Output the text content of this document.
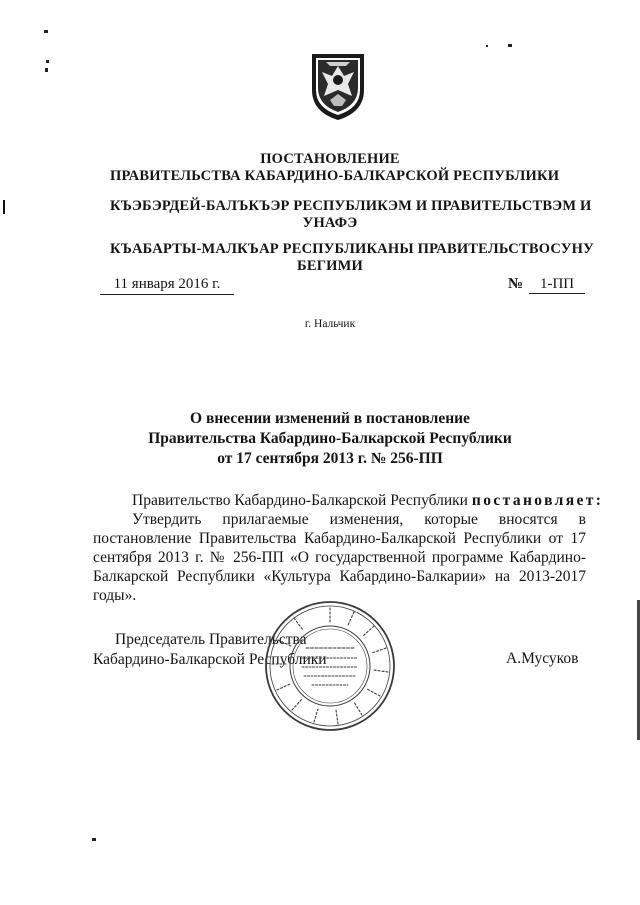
ПОСТАНОВЛЕНИЕ
ПРАВИТЕЛЬСТВА КАБАРДИНО-БАЛКАРСКОЙ РЕСПУБЛИКИ
КЪЭБЭРДЕЙ-БАЛЪКЪЭР РЕСПУБЛИКЭМ И ПРАВИТЕЛЬСТВЭМ И
УНАФЭ
КЪАБАРТЫ-МАЛКЪАР РЕСПУБЛИКАНЫ ПРАВИТЕЛЬСТВОСУНУ
БЕГИМИ
11 января 2016 г.	№ 1-ПП
г. Нальчик
О внесении изменений в постановление
Правительства Кабардино-Балкарской Республики
от 17 сентября 2013 г. № 256-ПП
Правительство Кабардино-Балкарской Республики постановляет:
Утвердить прилагаемые изменения, которые вносятся в постановление Правительства Кабардино-Балкарской Республики от 17 сентября 2013 г. № 256-ПП «О государственной программе Кабардино-Балкарской Республики «Культура Кабардино-Балкарии» на 2013-2017 годы».
Председатель Правительства
Кабардино-Балкарской Республики	А.Мусуков
